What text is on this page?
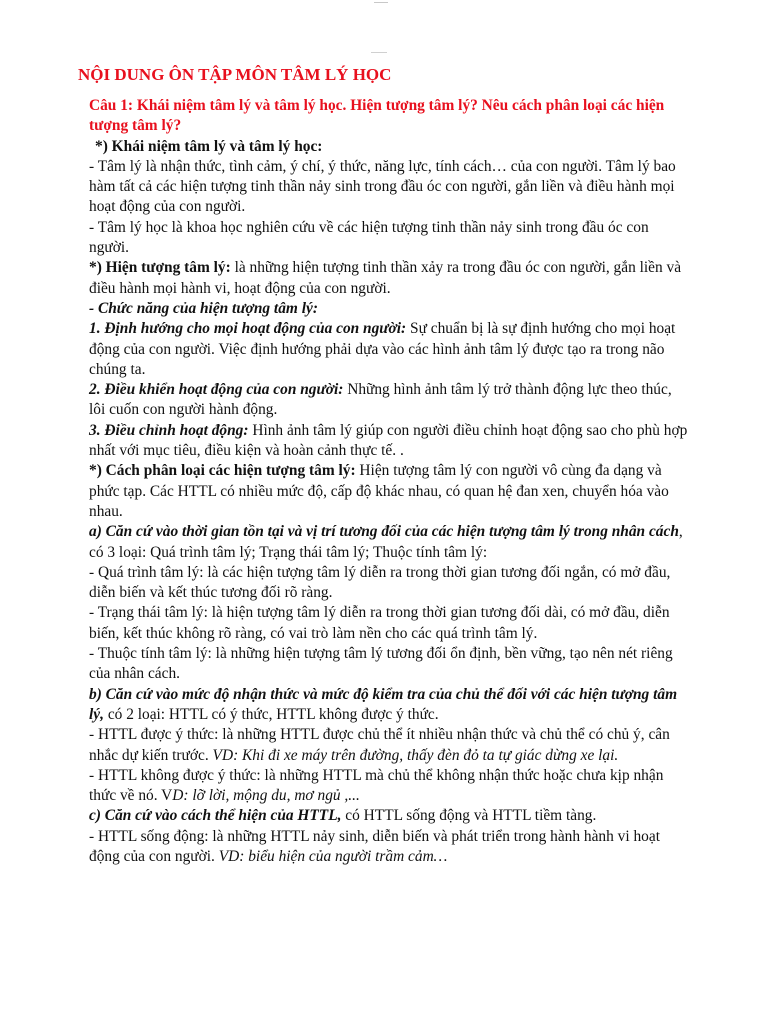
NỘI DUNG ÔN TẬP MÔN TÂM LÝ HỌC

Câu 1: Khái niệm tâm lý và tâm lý học. Hiện tượng tâm lý? Nêu cách phân loại các hiện tượng tâm lý?

*) Khái niệm tâm lý và tâm lý học:

- Tâm lý là nhận thức, tình cảm, ý chí, ý thức, năng lực, tính cách… của con người. Tâm lý bao hàm tất cả các hiện tượng tinh thần nảy sinh trong đầu óc con người, gắn liền và điều hành mọi hoạt động của con người.

- Tâm lý học là khoa học nghiên cứu về các hiện tượng tinh thần nảy sinh trong đầu óc con người.

*) Hiện tượng tâm lý: là những hiện tượng tinh thần xảy ra trong đầu óc con người, gắn liền và điều hành mọi hành vi, hoạt động của con người.

- Chức năng của hiện tượng tâm lý:

1. Định hướng cho mọi hoạt động của con người: Sự chuẩn bị là sự định hướng cho mọi hoạt động của con người. Việc định hướng phải dựa vào các hình ảnh tâm lý được tạo ra trong não chúng ta.

2. Điều khiển hoạt động của con người: Những hình ảnh tâm lý trở thành động lực theo thúc, lôi cuốn con người hành động.

3. Điều chỉnh hoạt động: Hình ảnh tâm lý giúp con người điều chỉnh hoạt động sao cho phù hợp nhất với mục tiêu, điều kiện và hoàn cảnh thực tế. .

*) Cách phân loại các hiện tượng tâm lý: Hiện tượng tâm lý con người vô cùng đa dạng và phức tạp. Các HTTL có nhiều mức độ, cấp độ khác nhau, có quan hệ đan xen, chuyển hóa vào nhau.

a) Căn cứ vào thời gian tồn tại và vị trí tương đối của các hiện tượng tâm lý trong nhân cách, có 3 loại: Quá trình tâm lý; Trạng thái tâm lý; Thuộc tính tâm lý:

- Quá trình tâm lý: là các hiện tượng tâm lý diễn ra trong thời gian tương đối ngắn, có mở đầu, diễn biến và kết thúc tương đối rõ ràng.

- Trạng thái tâm lý: là hiện tượng tâm lý diễn ra trong thời gian tương đối dài, có mở đầu, diễn biến, kết thúc không rõ ràng, có vai trò làm nền cho các quá trình tâm lý.

- Thuộc tính tâm lý: là những hiện tượng tâm lý tương đối ổn định, bền vững, tạo nên nét riêng của nhân cách.

b) Căn cứ vào mức độ nhận thức và mức độ kiểm tra của chủ thể đối với các hiện tượng tâm lý, có 2 loại: HTTL có ý thức, HTTL không được ý thức.

- HTTL được ý thức: là những HTTL được chủ thể ít nhiều nhận thức và chủ thể có chủ ý, cân nhắc dự kiến trước. VD: Khi đi xe máy trên đường, thấy đèn đỏ ta tự giác dừng xe lại.

- HTTL không được ý thức: là những HTTL mà chủ thể không nhận thức hoặc chưa kịp nhận thức về nó. VD: lỡ lời, mộng du, mơ ngủ ,...

c) Căn cứ vào cách thể hiện của HTTL, có HTTL sống động và HTTL tiềm tàng.

- HTTL sống động: là những HTTL nảy sinh, diễn biến và phát triển trong hành hành vi hoạt động của con người. VD: biểu hiện của người trầm cảm…
